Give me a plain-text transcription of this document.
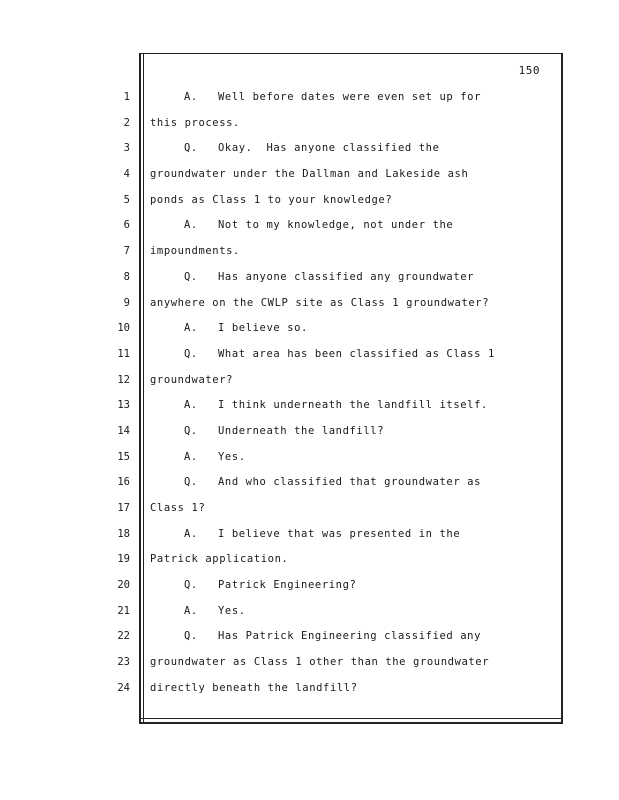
150
1
2
3
4
5
6
7
8
9
10
11
12
13
14
15
16
17
18
19
20
21
22
23
24
A. Well before dates were even set up for
this process.
Q. Okay.  Has anyone classified the
groundwater under the Dallman and Lakeside ash
ponds as Class 1 to your knowledge?
A. Not to my knowledge, not under the
impoundments.
Q. Has anyone classified any groundwater
anywhere on the CWLP site as Class 1 groundwater?
A. I believe so.
Q. What area has been classified as Class 1
groundwater?
A. I think underneath the landfill itself.
Q. Underneath the landfill?
A. Yes.
Q. And who classified that groundwater as
Class 1?
A. I believe that was presented in the
Patrick application.
Q. Patrick Engineering?
A. Yes.
Q. Has Patrick Engineering classified any
groundwater as Class 1 other than the groundwater
directly beneath the landfill?
